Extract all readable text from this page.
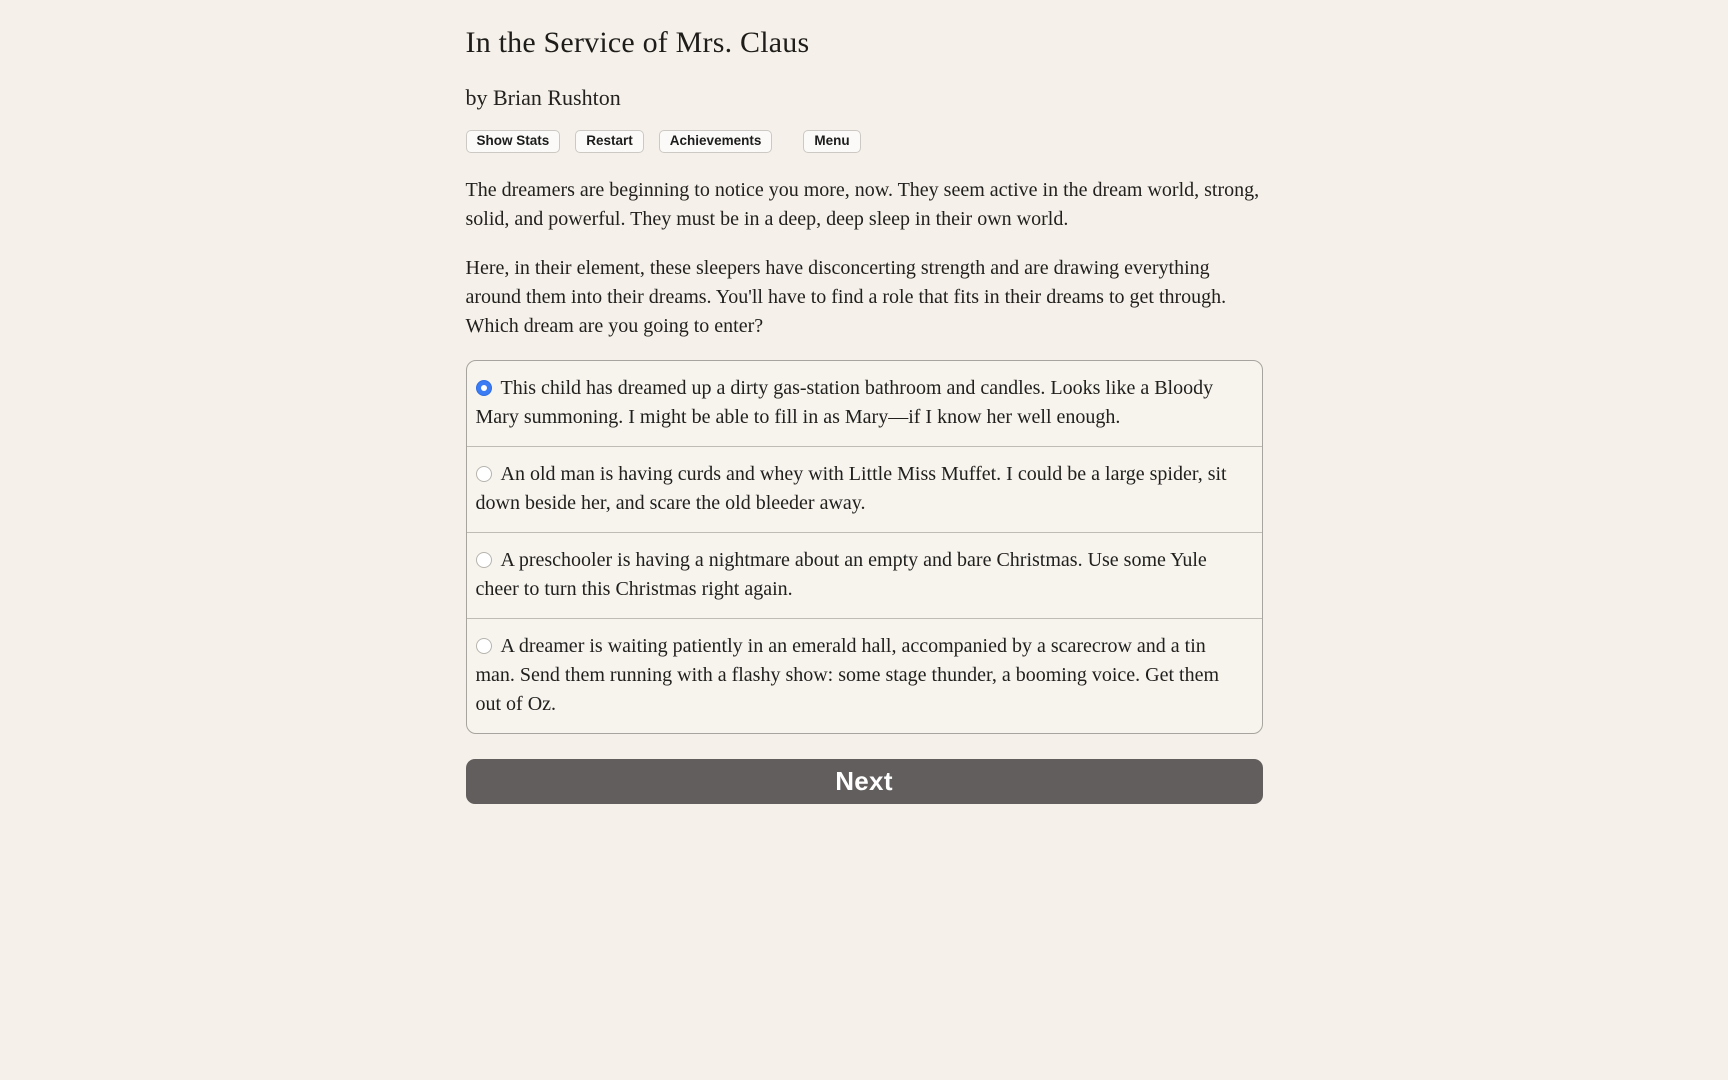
In the Service of Mrs. Claus
by Brian Rushton
Show Stats	Restart	Achievements	Menu

The dreamers are beginning to notice you more, now. They seem active in the dream world, strong, solid, and powerful. They must be in a deep, deep sleep in their own world.

Here, in their element, these sleepers have disconcerting strength and are drawing everything around them into their dreams. You'll have to find a role that fits in their dreams to get through. Which dream are you going to enter?

This child has dreamed up a dirty gas-station bathroom and candles. Looks like a Bloody Mary summoning. I might be able to fill in as Mary—if I know her well enough.
An old man is having curds and whey with Little Miss Muffet. I could be a large spider, sit down beside her, and scare the old bleeder away.
A preschooler is having a nightmare about an empty and bare Christmas. Use some Yule cheer to turn this Christmas right again.
A dreamer is waiting patiently in an emerald hall, accompanied by a scarecrow and a tin man. Send them running with a flashy show: some stage thunder, a booming voice. Get them out of Oz.
Next
